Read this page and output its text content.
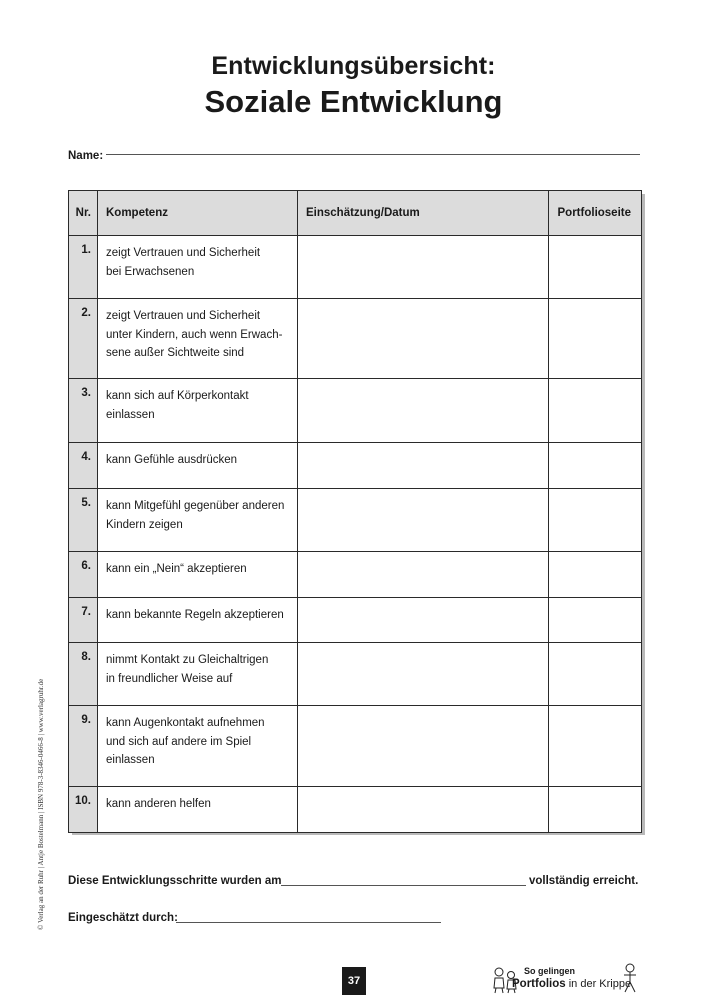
Entwicklungsübersicht:
Soziale Entwicklung
Name:
Nr.	Kompetenz	Einschätzung/Datum	Portfolioseite
1.	zeigt Vertrauen und Sicherheit
bei Erwachsenen		
2.	zeigt Vertrauen und Sicherheit
unter Kindern, auch wenn Erwach-
sene außer Sichtweite sind		
3.	kann sich auf Körperkontakt
einlassen		
4.	kann Gefühle ausdrücken		
5.	kann Mitgefühl gegenüber anderen
Kindern zeigen		
6.	kann ein „Nein“ akzeptieren		
7.	kann bekannte Regeln akzeptieren		
8.	nimmt Kontakt zu Gleichaltrigen
in freundlicher Weise auf		
9.	kann Augenkontakt aufnehmen
und sich auf andere im Spiel
einlassen		
10.	kann anderen helfen		
Diese Entwicklungsschritte wurden am	vollständig erreicht.
Eingeschätzt durch:
© Verlag an der Ruhr | Antje Bostelmann | ISBN 978-3-8346-0466-8 | www.verlagruhr.de
37
So gelingen
Portfolios in der Krippe
